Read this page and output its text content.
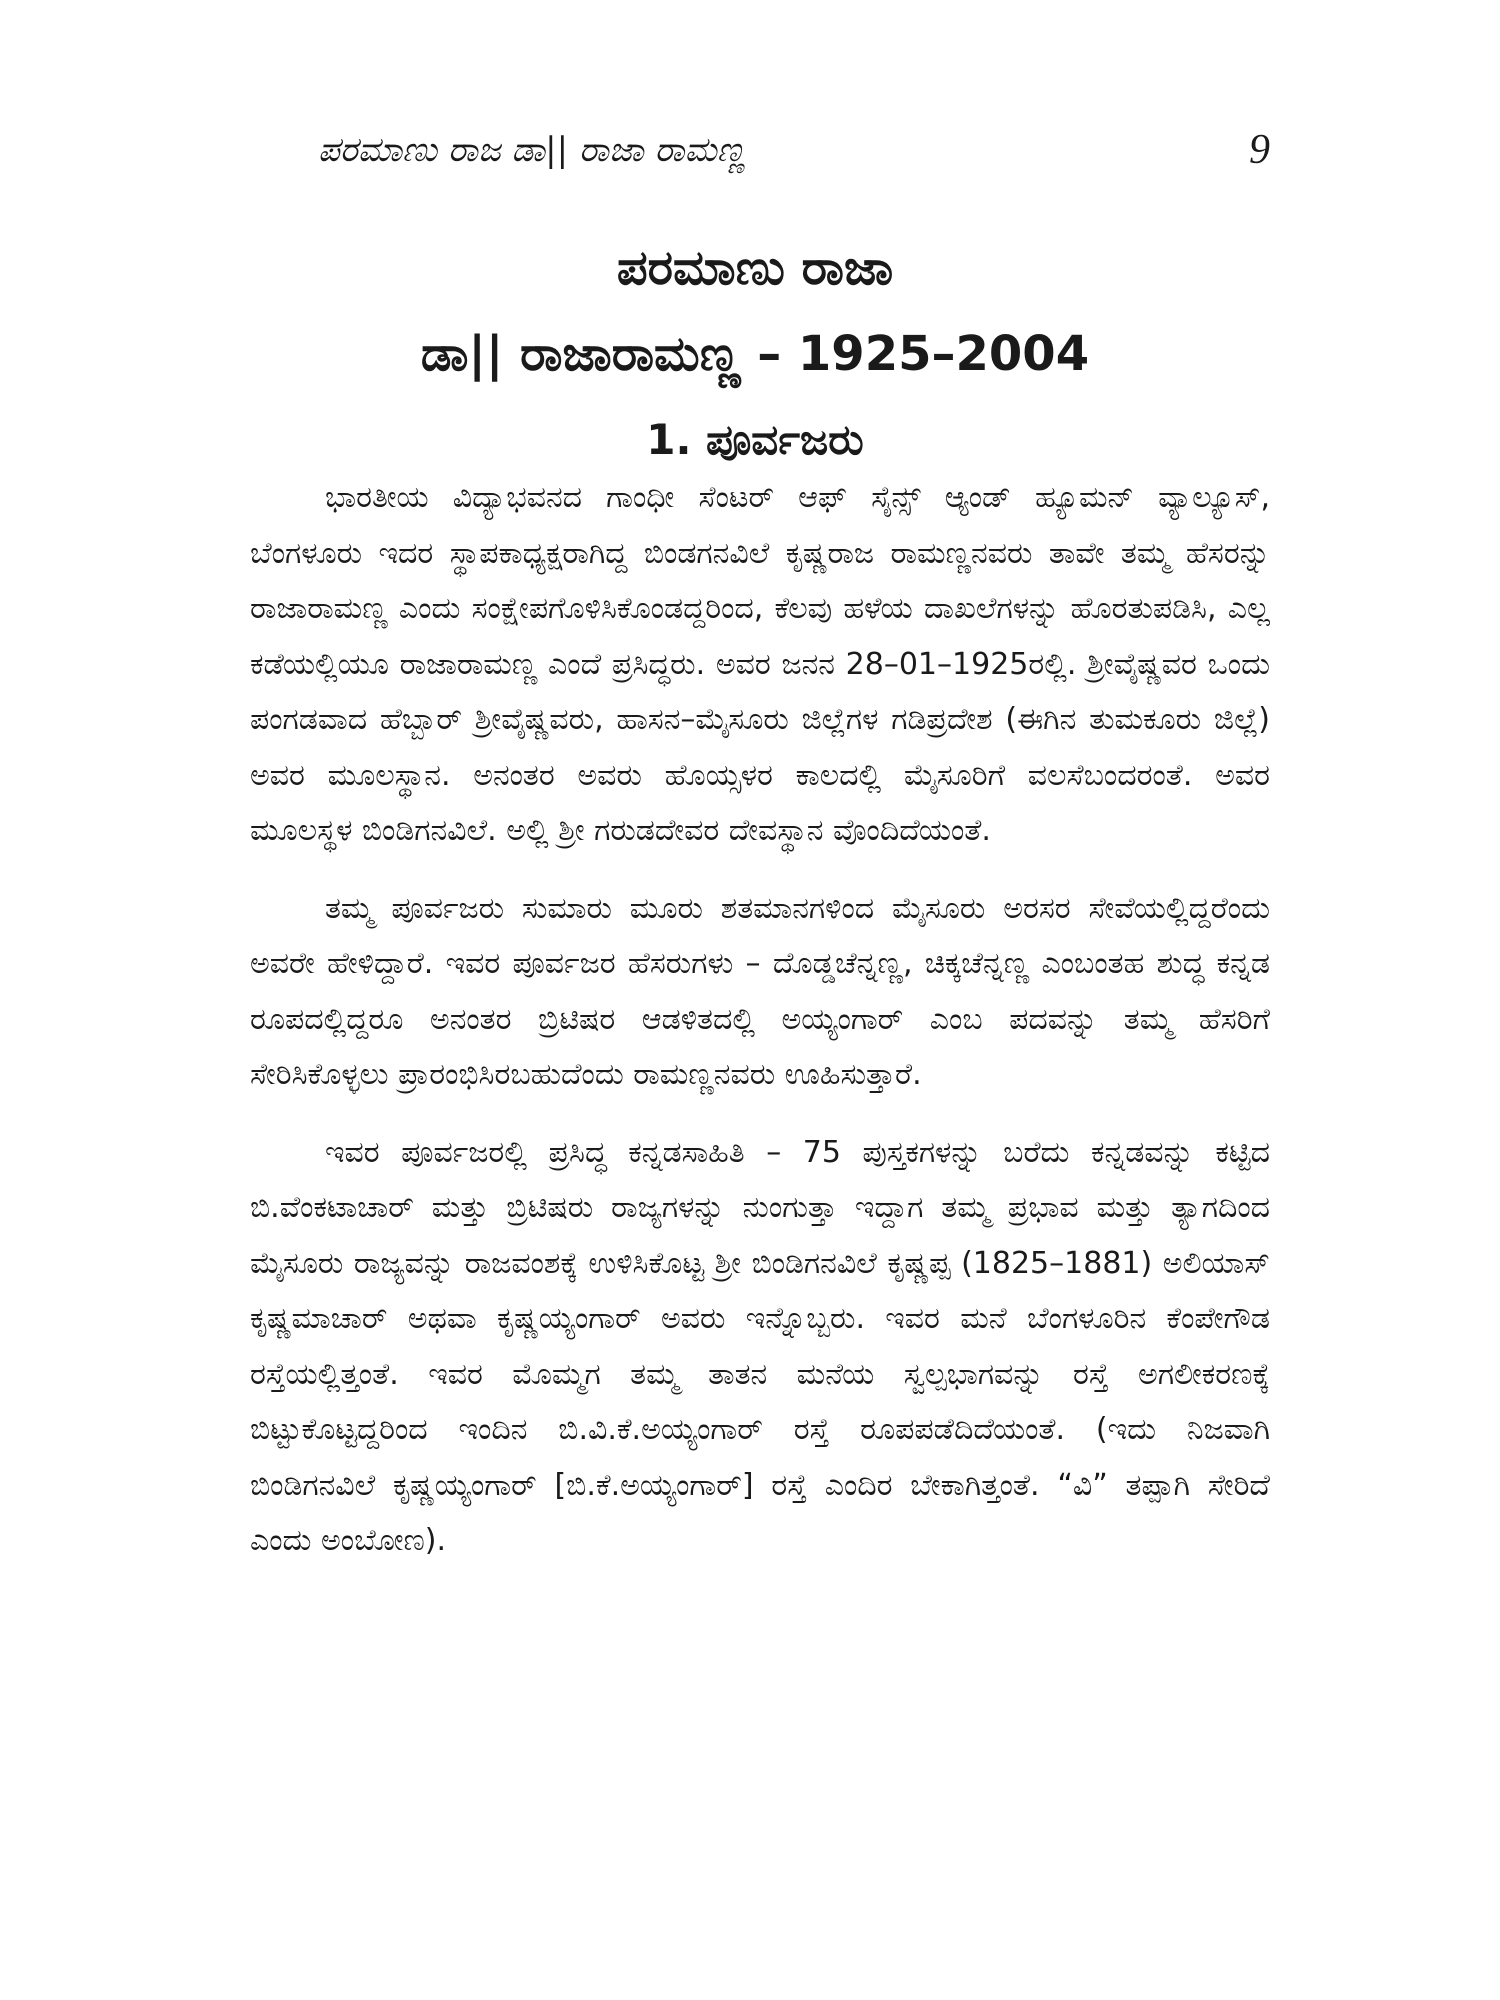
ಪರಮಾಣು ರಾಜ ಡಾ|| ರಾಜಾ ರಾಮಣ್ಣ	9
ಪರಮಾಣು ರಾಜಾ
ಡಾ|| ರಾಜಾರಾಮಣ್ಣ – 1925–2004
1. ಪೂರ್ವಜರು

ಭಾರತೀಯ ವಿದ್ಯಾಭವನದ ಗಾಂಧೀ ಸೆಂಟರ್ ಆಫ್ ಸೈನ್ಸ್ ಆ್ಯಂಡ್ ಹ್ಯೂಮನ್ ವ್ಯಾಲ್ಯೂಸ್, ಬೆಂಗಳೂರು ಇದರ ಸ್ಥಾಪಕಾಧ್ಯಕ್ಷರಾಗಿದ್ದ ಬಿಂಡಗನವಿಲೆ ಕೃಷ್ಣರಾಜ ರಾಮಣ್ಣನವರು ತಾವೇ ತಮ್ಮ ಹೆಸರನ್ನು ರಾಜಾರಾಮಣ್ಣ ಎಂದು ಸಂಕ್ಷೇಪಗೊಳಿಸಿಕೊಂಡದ್ದರಿಂದ, ಕೆಲವು ಹಳೆಯ ದಾಖಲೆಗಳನ್ನು ಹೊರತುಪಡಿಸಿ, ಎಲ್ಲ ಕಡೆಯಲ್ಲಿಯೂ ರಾಜಾರಾಮಣ್ಣ ಎಂದೆ ಪ್ರಸಿದ್ಧರು. ಅವರ ಜನನ 28–01–1925ರಲ್ಲಿ. ಶ್ರೀವೈಷ್ಣವರ ಒಂದು ಪಂಗಡವಾದ ಹೆಬ್ಬಾರ್ ಶ್ರೀವೈಷ್ಣವರು, ಹಾಸನ–ಮೈಸೂರು ಜಿಲ್ಲೆಗಳ ಗಡಿಪ್ರದೇಶ (ಈಗಿನ ತುಮಕೂರು ಜಿಲ್ಲೆ) ಅವರ ಮೂಲಸ್ಥಾನ. ಅನಂತರ ಅವರು ಹೊಯ್ಸಳರ ಕಾಲದಲ್ಲಿ ಮೈಸೂರಿಗೆ ವಲಸೆಬಂದರಂತೆ. ಅವರ ಮೂಲಸ್ಥಳ ಬಿಂಡಿಗನವಿಲೆ. ಅಲ್ಲಿ ಶ್ರೀ ಗರುಡದೇವರ ದೇವಸ್ಥಾನ ವೊಂದಿದೆಯಂತೆ.

ತಮ್ಮ ಪೂರ್ವಜರು ಸುಮಾರು ಮೂರು ಶತಮಾನಗಳಿಂದ ಮೈಸೂರು ಅರಸರ ಸೇವೆಯಲ್ಲಿದ್ದರೆಂದು ಅವರೇ ಹೇಳಿದ್ದಾರೆ. ಇವರ ಪೂರ್ವಜರ ಹೆಸರುಗಳು – ದೊಡ್ಡಚೆನ್ನಣ್ಣ, ಚಿಕ್ಕಚೆನ್ನಣ್ಣ ಎಂಬಂತಹ ಶುದ್ಧ ಕನ್ನಡ ರೂಪದಲ್ಲಿದ್ದರೂ ಅನಂತರ ಬ್ರಿಟಿಷರ ಆಡಳಿತದಲ್ಲಿ ಅಯ್ಯಂಗಾರ್ ಎಂಬ ಪದವನ್ನು ತಮ್ಮ ಹೆಸರಿಗೆ ಸೇರಿಸಿಕೊಳ್ಳಲು ಪ್ರಾರಂಭಿಸಿರಬಹುದೆಂದು ರಾಮಣ್ಣನವರು ಊಹಿಸುತ್ತಾರೆ.

ಇವರ ಪೂರ್ವಜರಲ್ಲಿ ಪ್ರಸಿದ್ಧ ಕನ್ನಡಸಾಹಿತಿ – 75 ಪುಸ್ತಕಗಳನ್ನು ಬರೆದು ಕನ್ನಡವನ್ನು ಕಟ್ಟಿದ ಬಿ.ವೆಂಕಟಾಚಾರ್ ಮತ್ತು ಬ್ರಿಟಿಷರು ರಾಜ್ಯಗಳನ್ನು ನುಂಗುತ್ತಾ ಇದ್ದಾಗ ತಮ್ಮ ಪ್ರಭಾವ ಮತ್ತು ತ್ಯಾಗದಿಂದ ಮೈಸೂರು ರಾಜ್ಯವನ್ನು ರಾಜವಂಶಕ್ಕೆ ಉಳಿಸಿಕೊಟ್ಟ ಶ್ರೀ ಬಿಂಡಿಗನವಿಲೆ ಕೃಷ್ಣಪ್ಪ (1825–1881) ಅಲಿಯಾಸ್ ಕೃಷ್ಣಮಾಚಾರ್ ಅಥವಾ ಕೃಷ್ಣಯ್ಯಂಗಾರ್ ಅವರು ಇನ್ನೊಬ್ಬರು. ಇವರ ಮನೆ ಬೆಂಗಳೂರಿನ ಕೆಂಪೇಗೌಡ ರಸ್ತೆಯಲ್ಲಿತ್ತಂತೆ. ಇವರ ಮೊಮ್ಮಗ ತಮ್ಮ ತಾತನ ಮನೆಯ ಸ್ವಲ್ಪಭಾಗವನ್ನು ರಸ್ತೆ ಅಗಲೀಕರಣಕ್ಕೆ ಬಿಟ್ಟುಕೊಟ್ಟದ್ದರಿಂದ ಇಂದಿನ ಬಿ.ವಿ.ಕೆ.ಅಯ್ಯಂಗಾರ್ ರಸ್ತೆ ರೂಪಪಡೆದಿದೆಯಂತೆ. (ಇದು ನಿಜವಾಗಿ ಬಿಂಡಿಗನವಿಲೆ ಕೃಷ್ಣಯ್ಯಂಗಾರ್ [ಬಿ.ಕೆ.ಅಯ್ಯಂಗಾರ್] ರಸ್ತೆ ಎಂದಿರ ಬೇಕಾಗಿತ್ತಂತೆ. “ವಿ” ತಪ್ಪಾಗಿ ಸೇರಿದೆ ಎಂದು ಅಂಬೋಣ).
